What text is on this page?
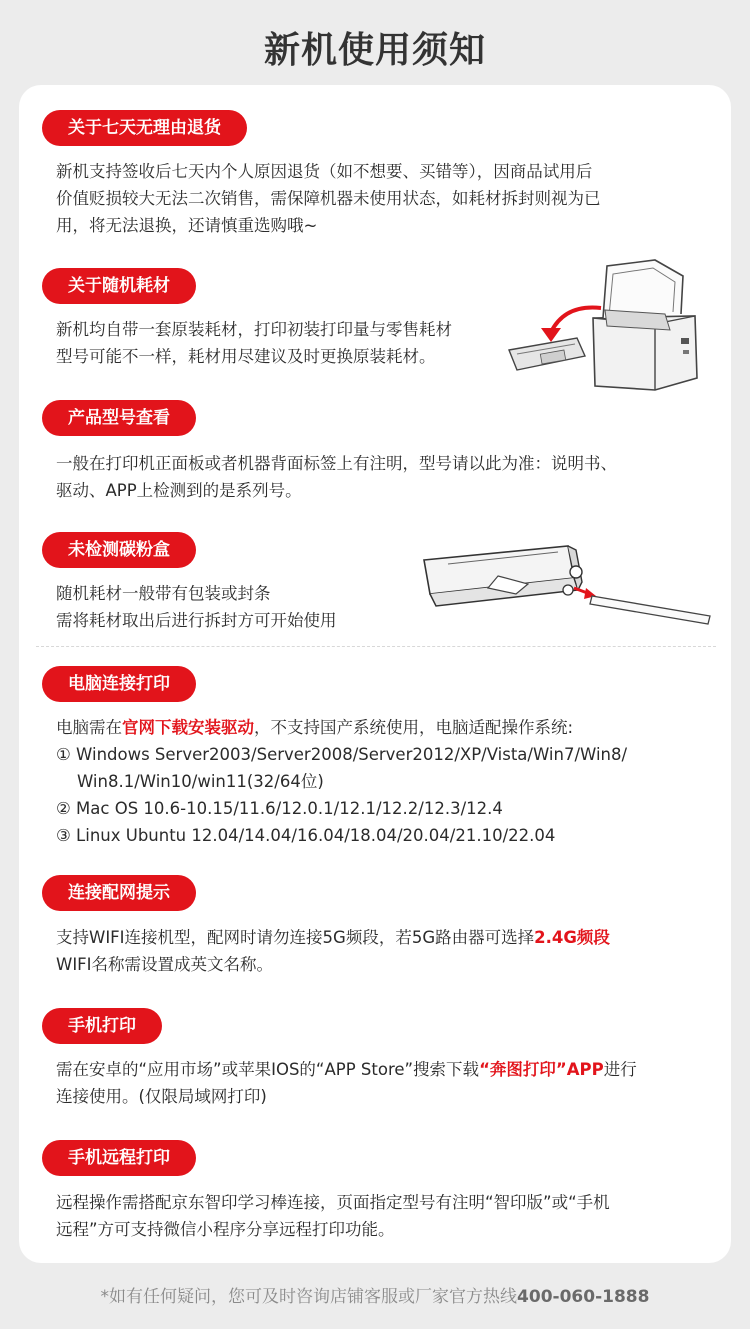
新机使用须知
关于七天无理由退货
新机支持签收后七天内个人原因退货（如不想要、买错等），因商品试用后
价值贬损较大无法二次销售，需保障机器未使用状态，如耗材拆封则视为已
用，将无法退换，还请慎重选购哦~
关于随机耗材
新机均自带一套原装耗材，打印初装打印量与零售耗材
型号可能不一样，耗材用尽建议及时更换原装耗材。
产品型号查看
一般在打印机正面板或者机器背面标签上有注明，型号请以此为准：说明书、
驱动、APP上检测到的是系列号。
未检测碳粉盒
随机耗材一般带有包装或封条
需将耗材取出后进行拆封方可开始使用
电脑连接打印
电脑需在官网下载安装驱动，不支持国产系统使用，电脑适配操作系统:
① Windows Server2003/Server2008/Server2012/XP/Vista/Win7/Win8/
Win8.1/Win10/win11(32/64位)
② Mac OS 10.6-10.15/11.6/12.0.1/12.1/12.2/12.3/12.4
③ Linux Ubuntu 12.04/14.04/16.04/18.04/20.04/21.10/22.04
连接配网提示
支持WIFI连接机型，配网时请勿连接5G频段，若5G路由器可选择2.4G频段
WIFI名称需设置成英文名称。
手机打印
需在安卓的“应用市场”或苹果IOS的“APP Store”搜索下载“奔图打印”APP进行
连接使用。(仅限局域网打印)
手机远程打印
远程操作需搭配京东智印学习棒连接，页面指定型号有注明“智印版”或“手机
远程”方可支持微信小程序分享远程打印功能。
*如有任何疑问，您可及时咨询店铺客服或厂家官方热线400-060-1888
